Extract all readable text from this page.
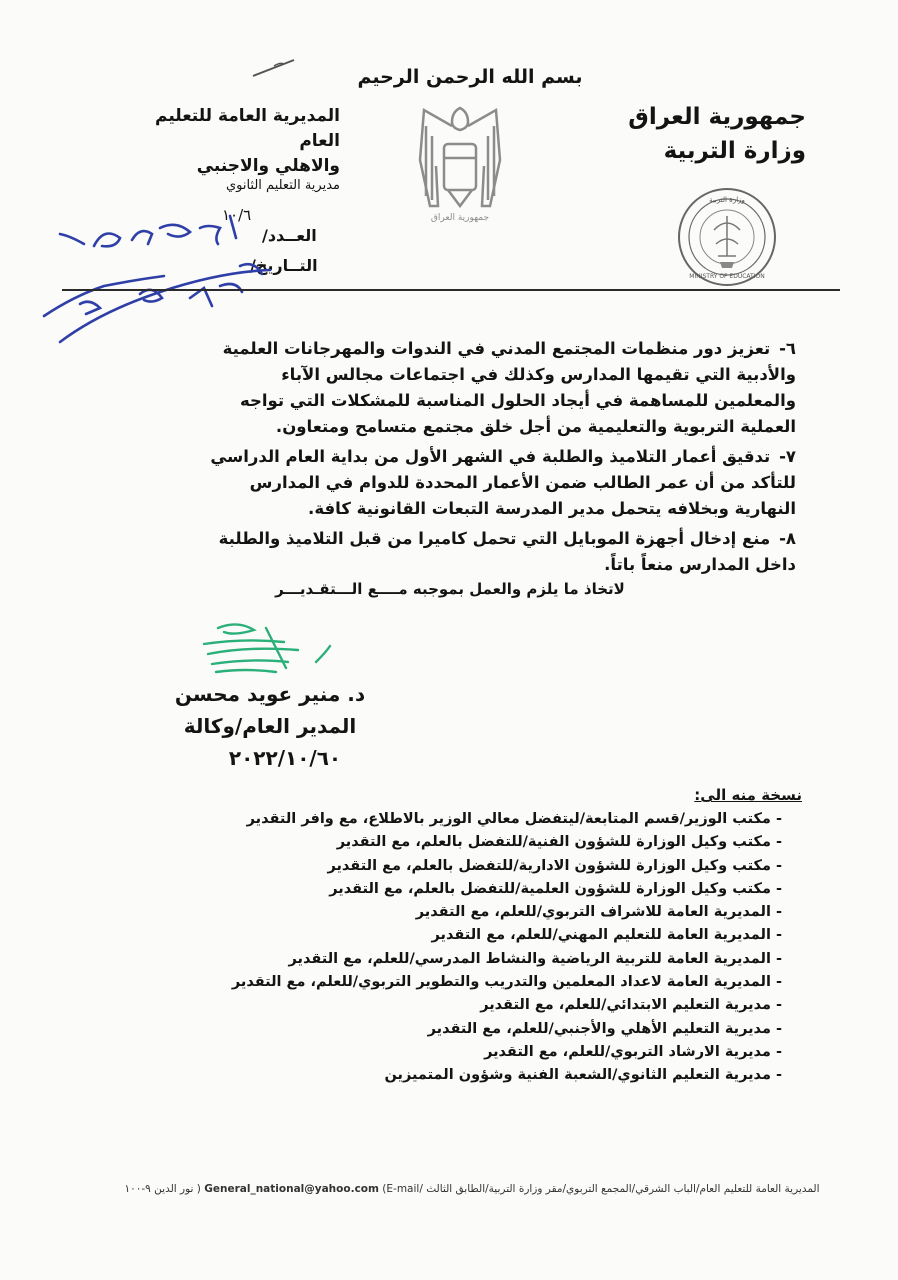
بسم الله الرحمن الرحيم
جمهورية العراق
وزارة التربية
المديرية العامة للتعليم العام
والاهلي والاجنبي
مديرية التعليم الثانوي
جمهورية العراق
MINISTRY OF EDUCATION
وزارة التربية
العــدد/
١٠/٦
التــاريخ/
٦- تعزيز دور منظمات المجتمع المدني في الندوات والمهرجانات العلمية والأدبية التي تقيمها المدارس وكذلك في اجتماعات مجالس الآباء والمعلمين للمساهمة في أيجاد الحلول المناسبة للمشكلات التي تواجه العملية التربوية والتعليمية من أجل خلق مجتمع متسامح ومتعاون.
٧- تدقيق أعمار التلاميذ والطلبة في الشهر الأول من بداية العام الدراسي للتأكد من أن عمر الطالب ضمن الأعمار المحددة للدوام في المدارس النهارية وبخلافه يتحمل مدير المدرسة التبعات القانونية كافة.
٨- منع إدخال أجهزة الموبايل التي تحمل كاميرا من قبل التلاميذ والطلبة داخل المدارس منعاً باتاً.
لاتخاذ ما يلزم والعمل بموجبه مــــع الـــتقـديـــر
د. منير عويد محسن
المدير العام/وكالة
٢٠٢٢/١٠/٦٠
نسخة منه الى:
- مكتب الوزير/قسم المتابعة/ليتفضل معالي الوزير بالاطلاع، مع وافر التقدير
- مكتب وكيل الوزارة للشؤون الفنية/للتفضل بالعلم، مع التقدير
- مكتب وكيل الوزارة للشؤون الادارية/للتفضل بالعلم، مع التقدير
- مكتب وكيل الوزارة للشؤون العلمية/للتفضل بالعلم، مع التقدير
- المديرية العامة للاشراف التربوي/للعلم، مع التقدير
- المديرية العامة للتعليم المهني/للعلم، مع التقدير
- المديرية العامة للتربية الرياضية والنشاط المدرسي/للعلم، مع التقدير
- المديرية العامة لاعداد المعلمين والتدريب والتطوير التربوي/للعلم، مع التقدير
- مديرية التعليم الابتدائي/للعلم، مع التقدير
- مديرية التعليم الأهلي والأجنبي/للعلم، مع التقدير
- مديرية الارشاد التربوي/للعلم، مع التقدير
- مديرية التعليم الثانوي/الشعبة الفنية وشؤون المتميزين
المديرية العامة للتعليم العام/الباب الشرقي/المجمع التربوي/مقر وزارة التربية/الطابق الثالث (E-mail/ General_national@yahoo.com ) نور الدين ٩-١٠٠
